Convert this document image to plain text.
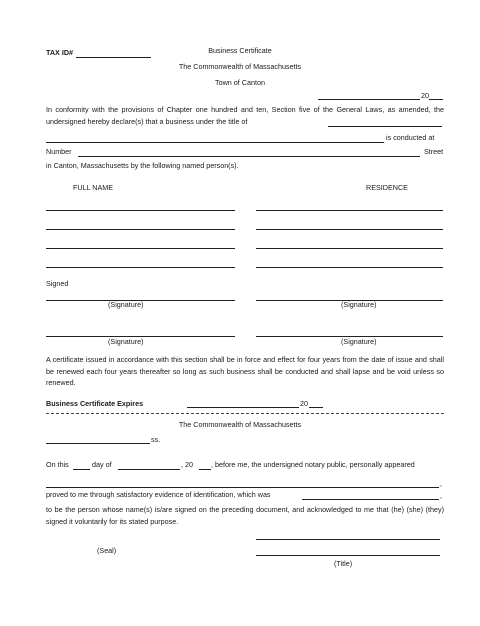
TAX ID#	Business Certificate
The Commonwealth of Massachusetts
Town of Canton
20
In conformity with the provisions of Chapter one hundred and ten, Section five of the General Laws, as amended, the undersigned hereby declare(s) that a business under the title of
is conducted at
Number	Street
in Canton, Massachusetts by the following named person(s).
FULL NAME	RESIDENCE
Signed
(Signature)	(Signature)
(Signature)	(Signature)
A certificate issued in accordance with this section shall be in force and effect for four years from the date of issue and shall be renewed each four years thereafter so long as such business shall be conducted and shall lapse and be void unless so renewed.
Business Certificate Expires	20
The Commonwealth of Massachusetts
ss.
On this	day of	, 20	, before me, the undersigned notary public, personally appeared
,
proved to me through satisfactory evidence of identification, which was	,
to be the person whose name(s) is/are signed on the preceding document, and acknowledged to me that (he) (she) (they) signed it voluntarily for its stated purpose.
(Seal)
(Title)
